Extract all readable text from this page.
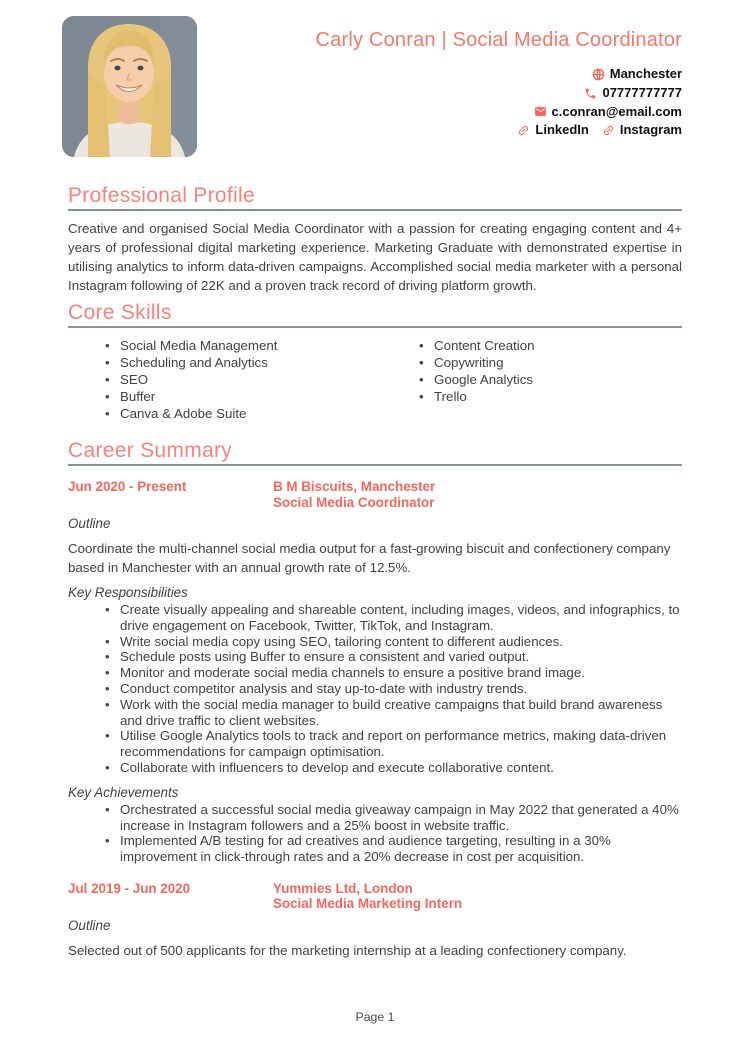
Carly Conran | Social Media Coordinator
Manchester
07777777777
c.conran@email.com
LinkedIn Instagram
Professional Profile

Creative and organised Social Media Coordinator with a passion for creating engaging content and 4+ years of professional digital marketing experience. Marketing Graduate with demonstrated expertise in utilising analytics to inform data-driven campaigns. Accomplished social media marketer with a personal Instagram following of 22K and a proven track record of driving platform growth.

Core Skills
• Social Media Management
• Scheduling and Analytics
• SEO
• Buffer
• Canva & Adobe Suite
• Content Creation
• Copywriting
• Google Analytics
• Trello
Career Summary
Jun 2020 - Present	B M Biscuits, Manchester
Social Media Coordinator
Outline

Coordinate the multi-channel social media output for a fast-growing biscuit and confectionery company based in Manchester with an annual growth rate of 12.5%.

Key Responsibilities
• Create visually appealing and shareable content, including images, videos, and infographics, to drive engagement on Facebook, Twitter, TikTok, and Instagram.
• Write social media copy using SEO, tailoring content to different audiences.
• Schedule posts using Buffer to ensure a consistent and varied output.
• Monitor and moderate social media channels to ensure a positive brand image.
• Conduct competitor analysis and stay up-to-date with industry trends.
• Work with the social media manager to build creative campaigns that build brand awareness and drive traffic to client websites.
• Utilise Google Analytics tools to track and report on performance metrics, making data-driven recommendations for campaign optimisation.
• Collaborate with influencers to develop and execute collaborative content.
Key Achievements
• Orchestrated a successful social media giveaway campaign in May 2022 that generated a 40% increase in Instagram followers and a 25% boost in website traffic.
• Implemented A/B testing for ad creatives and audience targeting, resulting in a 30% improvement in click-through rates and a 20% decrease in cost per acquisition.
Jul 2019 - Jun 2020	Yummies Ltd, London
Social Media Marketing Intern
Outline

Selected out of 500 applicants for the marketing internship at a leading confectionery company.

Page 1
